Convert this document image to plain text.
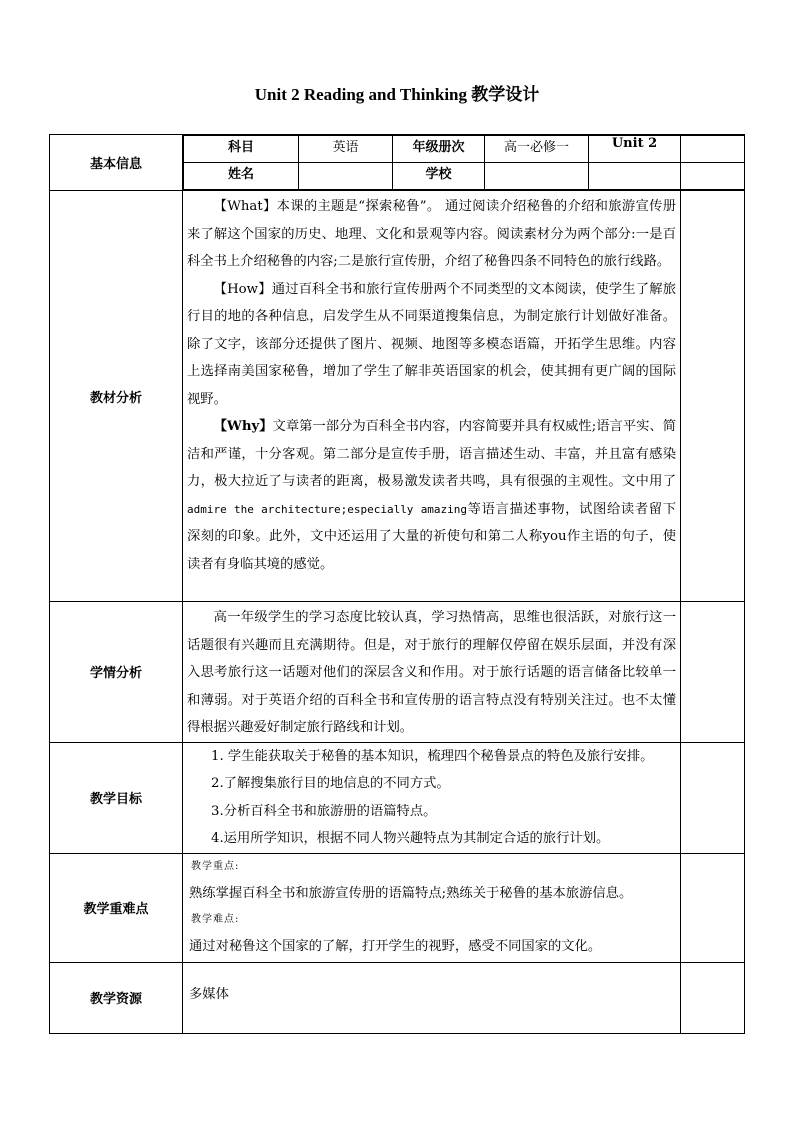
Unit 2 Reading and Thinking 教学设计
基本信息	
科目	英语	年级册次	高一必修一	Unit 2	
姓名		学校			

教材分析	

【What】本课的主题是“探索秘鲁”。 通过阅读介绍秘鲁的介绍和旅游宣传册来了解这个国家的历史、地理、文化和景观等内容。阅读素材分为两个部分:一是百科全书上介绍秘鲁的内容;二是旅行宣传册，介绍了秘鲁四条不同特色的旅行线路。

【How】通过百科全书和旅行宣传册两个不同类型的文本阅读，使学生了解旅行目的地的各种信息，启发学生从不同渠道搜集信息，为制定旅行计划做好准备。除了文字，该部分还提供了图片、视频、地图等多模态语篇，开拓学生思维。内容上选择南美国家秘鲁，增加了学生了解非英语国家的机会，使其拥有更广阔的国际视野。

【Why】文章第一部分为百科全书内容，内容简要并具有权威性;语言平实、简洁和严谨，十分客观。第二部分是宣传手册，语言描述生动、丰富，并且富有感染力，极大拉近了与读者的距离，极易激发读者共鸣，具有很强的主观性。文中用了admire the architecture;especially amazing等语言描述事物，试图给读者留下深刻的印象。此外，文中还运用了大量的祈使句和第二人称you作主语的句子，使读者有身临其境的感觉。

学情分析	

高一年级学生的学习态度比较认真，学习热情高，思维也很活跃，对旅行这一话题很有兴趣而且充满期待。但是，对于旅行的理解仅停留在娱乐层面，并没有深入思考旅行这一话题对他们的深层含义和作用。对于旅行话题的语言储备比较单一和薄弱。对于英语介绍的百科全书和宣传册的语言特点没有特别关注过。也不太懂得根据兴趣爱好制定旅行路线和计划。

教学目标	

1. 学生能获取关于秘鲁的基本知识，梳理四个秘鲁景点的特色及旅行安排。

2.了解搜集旅行目的地信息的不同方式。

3.分析百科全书和旅游册的语篇特点。

4.运用所学知识，根据不同人物兴趣特点为其制定合适的旅行计划。

教学重难点	
教学重点:
熟练掌握百科全书和旅游宣传册的语篇特点;熟练关于秘鲁的基本旅游信息。
教学难点:
通过对秘鲁这个国家的了解，打开学生的视野，感受不同国家的文化。

教学资源	多媒体
